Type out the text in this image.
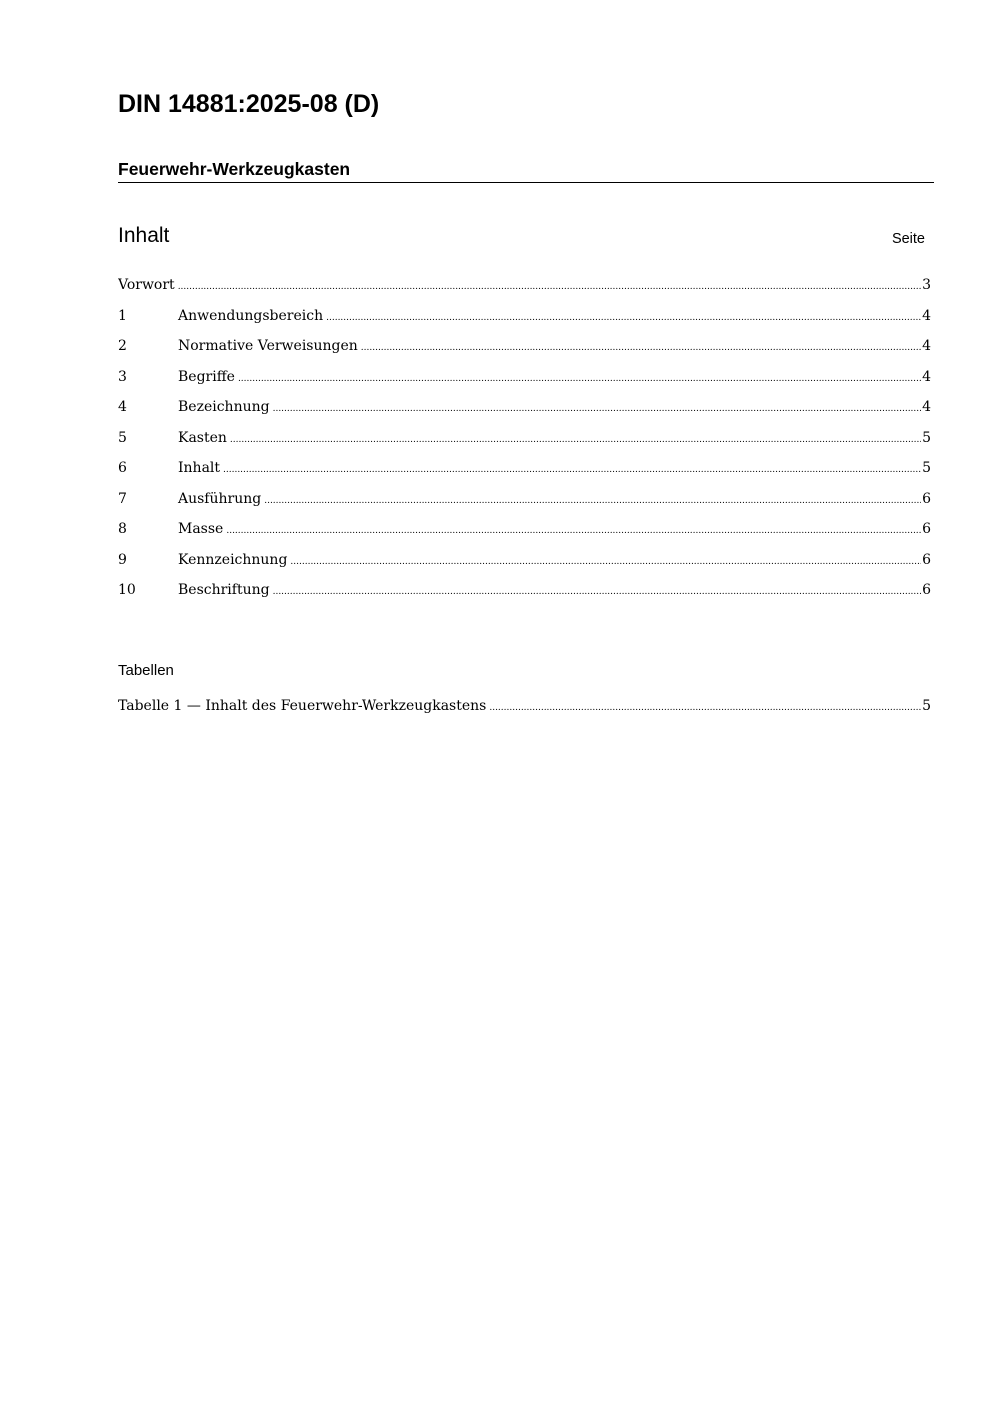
DIN 14881:2025-08 (D)
Feuerwehr-Werkzeugkasten
Inhalt	Seite
Vorwort .....	3
1	Anwendungsbereich .....	4
2	Normative Verweisungen .....	4
3	Begriffe .....	4
4	Bezeichnung .....	4
5	Kasten .....	5
6	Inhalt .....	5
7	Ausführung .....	6
8	Masse .....	6
9	Kennzeichnung .....	6
10	Beschriftung .....	6
Tabellen
Tabelle 1 — Inhalt des Feuerwehr-Werkzeugkastens .....	5
